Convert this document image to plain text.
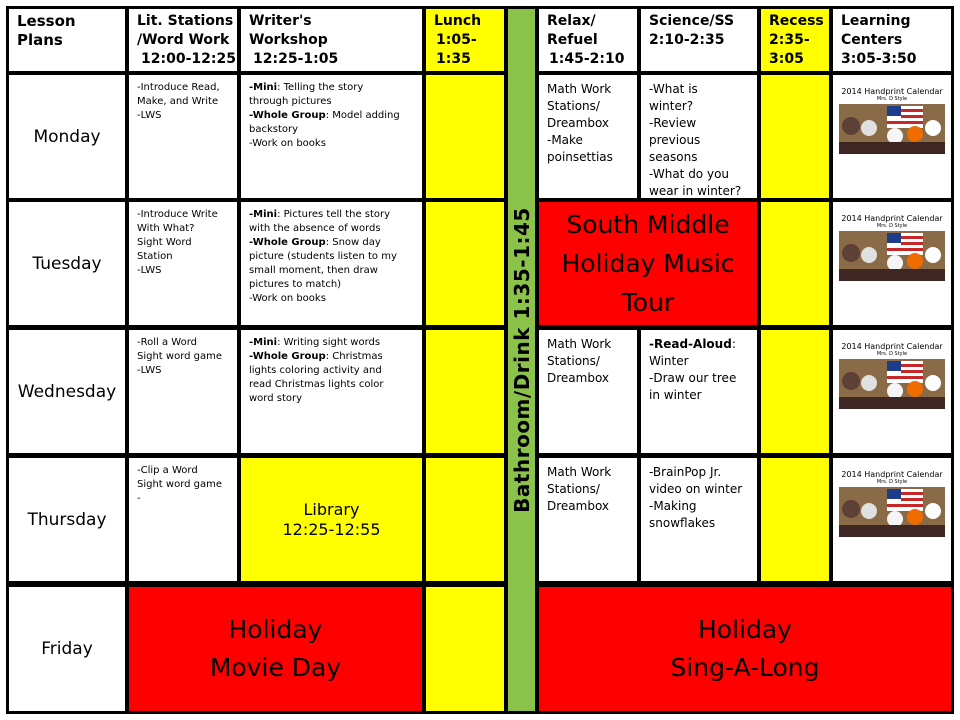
Lesson
Plans
Lit. Stations
/Word Work
12:00-12:25
Writer's
Workshop
12:25-1:05
Lunch
1:05-1:35
Relax/
Refuel
1:45-2:10
Science/SS
2:10-2:35
Recess
2:35-
3:05
Learning
Centers
3:05-3:50
Bathroom/Drink 1:35-1:45
Monday
Tuesday
Wednesday
Thursday
Friday
-Introduce Read,
Make, and Write
-LWS
-Introduce Write
With What?
Sight Word
Station
-LWS
-Roll a Word
Sight word game
-LWS
-Clip a Word
Sight word game
-
-Mini: Telling the story
through pictures
-Whole Group: Model adding
backstory
-Work on books
-Mini: Pictures tell the story
with the absence of words
-Whole Group: Snow day
picture (students listen to my
small moment, then draw
pictures to match)
-Work on books
-Mini: Writing sight words
-Whole Group: Christmas
lights coloring activity and
read Christmas lights color
word story
Library
12:25-12:55
Math Work
Stations/
Dreambox
-Make
poinsettias
Math Work
Stations/
Dreambox
Math Work
Stations/
Dreambox
-What is
winter?
-Review
previous
seasons
-What do you
wear in winter?
-Read-Aloud:
Winter
-Draw our tree
in winter
-BrainPop Jr.
video on winter
-Making
snowflakes
South Middle
Holiday Music
Tour
2014 Handprint Calendar
Mrs. D Style
2014 Handprint Calendar
Mrs. D Style
2014 Handprint Calendar
Mrs. D Style
2014 Handprint Calendar
Mrs. D Style
Holiday
Movie Day
Holiday
Sing-A-Long
